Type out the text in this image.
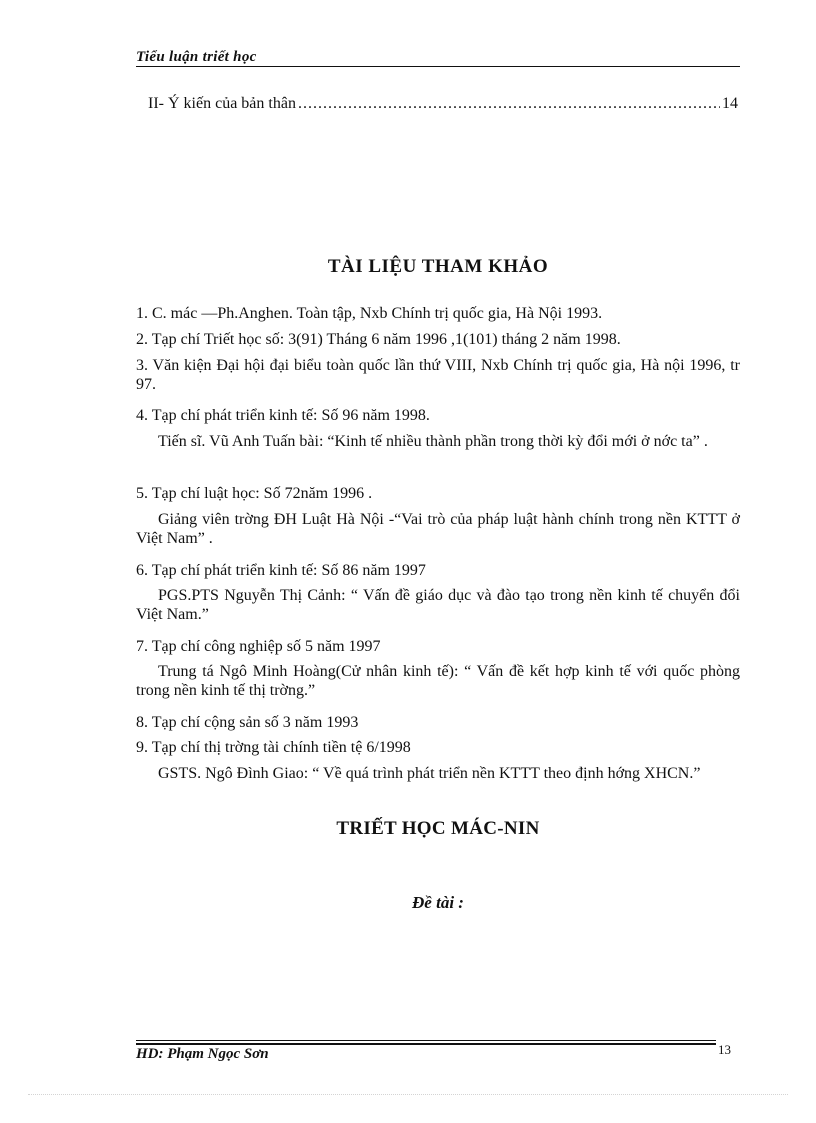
Tiểu luận triết học
II- Ý kiến của bản thân
.....	14
TÀI LIỆU THAM KHẢO
1. C. mác —Ph.Anghen. Toàn tập, Nxb Chính trị quốc gia, Hà Nội 1993.
2. Tạp chí Triết học số: 3(91) Tháng 6 năm 1996 ,1(101) tháng 2 năm 1998.
3. Văn kiện Đại hội đại biểu toàn quốc lần thứ VIII, Nxb Chính trị quốc gia, Hà nội 1996, tr 97.
4. Tạp chí phát triển kinh tế: Số 96 năm 1998.
Tiến sĩ. Vũ Anh Tuấn bài: “Kinh tế nhiều thành phần trong thời kỳ đổi mới ở nớc ta” .
5. Tạp chí luật học: Số 72năm 1996 .
Giảng viên trờng ĐH Luật Hà Nội -“Vai trò của pháp luật hành chính trong nền KTTT ở Việt Nam” .
6. Tạp chí phát triển kinh tế: Số 86 năm 1997
PGS.PTS Nguyễn Thị Cảnh: “ Vấn đề giáo dục và đào tạo trong nền kinh tế chuyển đổi Việt Nam.”
7. Tạp chí công nghiệp số 5 năm 1997
Trung tá Ngô Minh Hoàng(Cử nhân kinh tế): “ Vấn đề kết hợp kinh tế với quốc phòng trong nền kinh tế thị trờng.”
8. Tạp chí cộng sản số 3 năm 1993
9. Tạp chí thị trờng tài chính tiền tệ 6/1998
GSTS. Ngô Đình Giao: “ Về quá trình phát triển nền KTTT theo định hớng XHCN.”
TRIẾT HỌC MÁC-NIN
Đề tài :
HD: Phạm Ngọc Sơn	13
